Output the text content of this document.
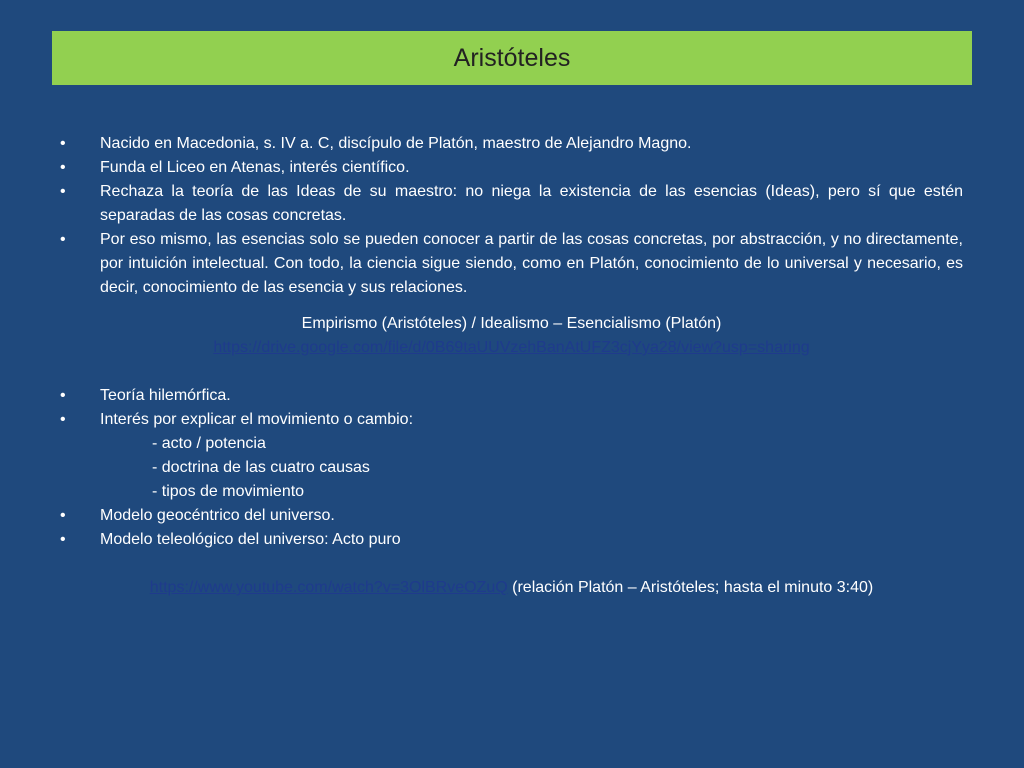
Aristóteles
•	Nacido en Macedonia, s. IV a. C, discípulo de Platón, maestro de Alejandro Magno.
•	Funda el Liceo en Atenas, interés científico.
•	Rechaza la teoría de las Ideas de su maestro: no niega la existencia de las esencias (Ideas), pero sí que estén separadas de las cosas concretas.
•	Por eso mismo, las esencias solo se pueden conocer a partir de las cosas concretas, por abstracción, y no directamente, por intuición intelectual. Con todo, la ciencia sigue siendo, como en Platón, conocimiento de lo universal y necesario, es decir, conocimiento de las esencia y sus relaciones.
Empirismo (Aristóteles) / Idealismo – Esencialismo (Platón)
https://drive.google.com/file/d/0B69taUUVzehBanAtUFZ3cjYya28/view?usp=sharing
•	Teoría hilemórfica.
•	Interés por explicar el movimiento o cambio:
- acto / potencia
- doctrina de las cuatro causas
- tipos de movimiento
•	Modelo geocéntrico del universo.
•	Modelo teleológico del universo: Acto puro
https://www.youtube.com/watch?v=3OlBRveOZuQ (relación Platón – Aristóteles; hasta el minuto 3:40)
